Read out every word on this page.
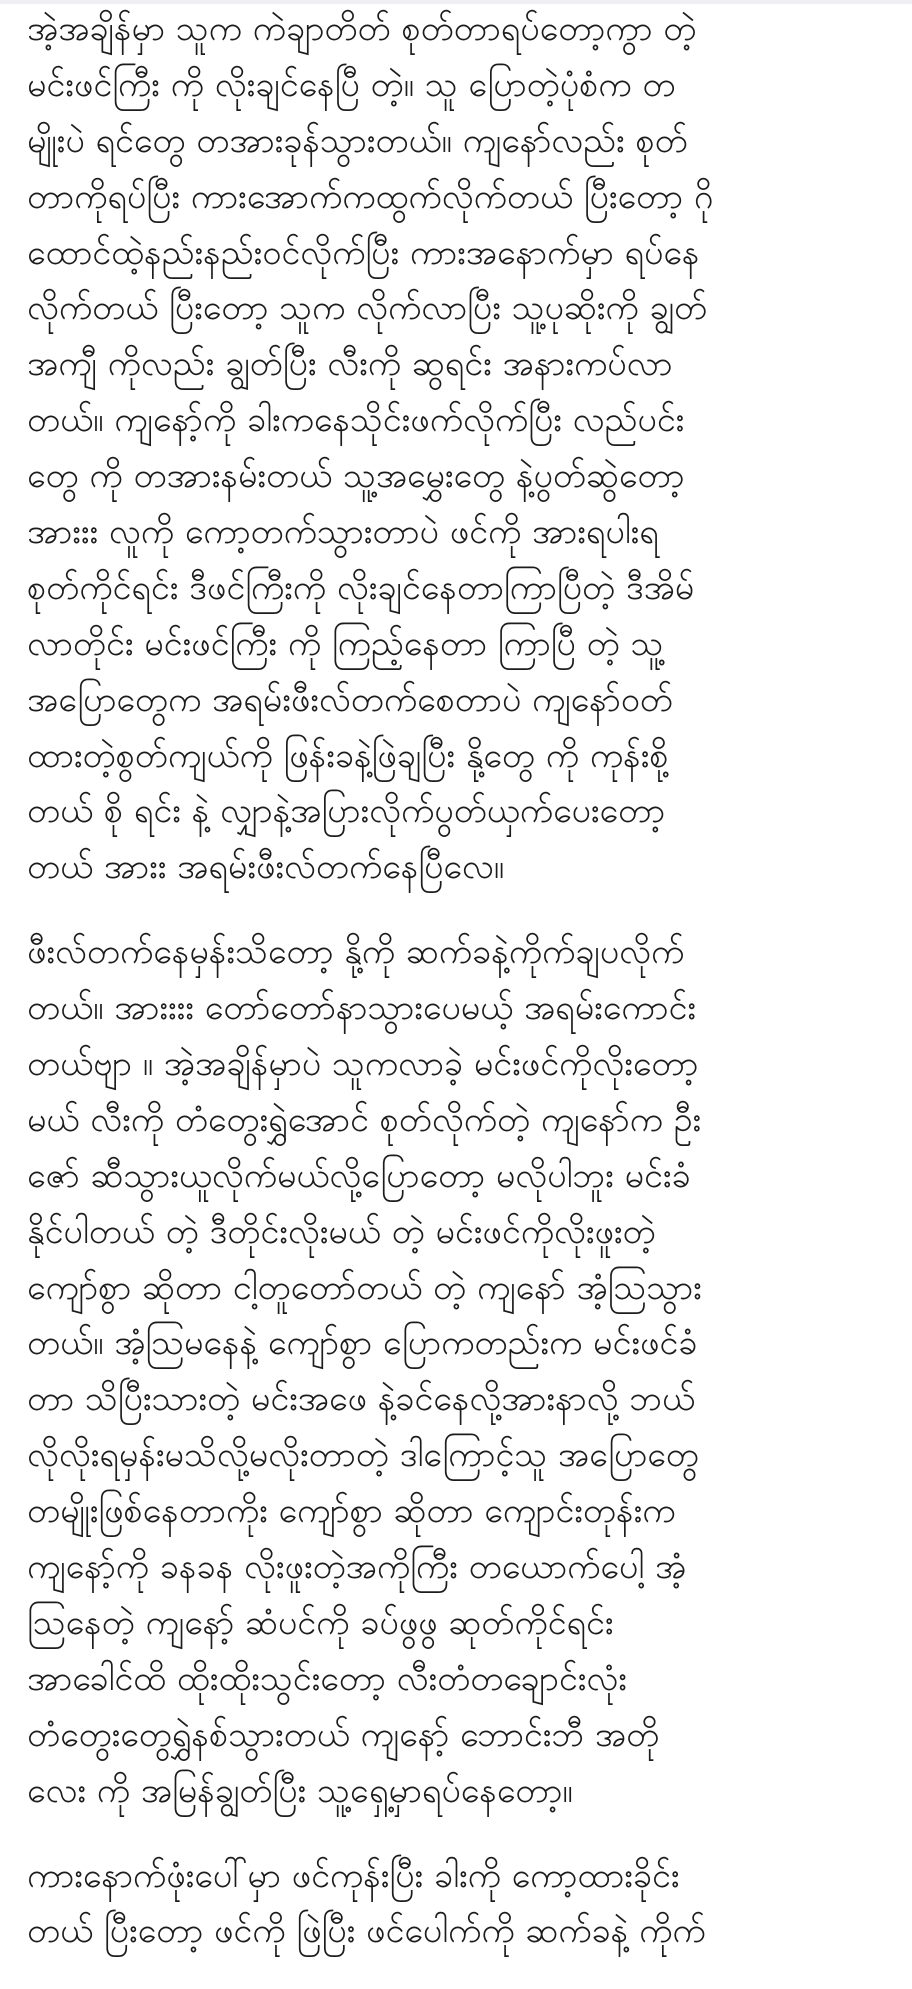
အဲ့အချိန်မှာ သူက ကဲချာတိတ် စုတ်တာရပ်တော့ကွာ တဲ့
မင်းဖင်ကြီး ကို လိုးချင်နေပြီ တဲ့။ သူ ပြောတဲ့ပုံစံက တ
မျိုးပဲ ရင်တွေ တအားခုန်သွားတယ်။ ကျနော်လည်း စုတ်
တာကိုရပ်ပြီး ကားအောက်ကထွက်လိုက်တယ် ပြီးတော့ ဂို
ထောင်ထဲ့နည်းနည်းဝင်လိုက်ပြီး ကားအနောက်မှာ ရပ်နေ
လိုက်တယ် ပြီးတော့ သူက လိုက်လာပြီး သူ့ပုဆိုးကို ချွတ်
အကျီ ကိုလည်း ချွတ်ပြီး လီးကို ဆွရင်း အနားကပ်လာ
တယ်။ ကျနော့်ကို ခါးကနေသိုင်းဖက်လိုက်ပြီး လည်ပင်း
တွေ ကို တအားနမ်းတယ် သူ့အမွှေးတွေ နဲ့ပွတ်ဆွဲတော့
အားးး လူကို ကော့တက်သွားတာပဲ ဖင်ကို အားရပါးရ
စုတ်ကိုင်ရင်း ဒီဖင်ကြီးကို လိုးချင်နေတာကြာပြီတဲ့ ဒီအိမ်
လာတိုင်း မင်းဖင်ကြီး ကို ကြည့်နေတာ ကြာပြီ တဲ့ သူ့
အပြောတွေက အရမ်းဖီးလ်တက်စေတာပဲ ကျနော်ဝတ်
ထားတဲ့စွတ်ကျယ်ကို ဖြန်းခနဲ့ဖြဲချပြီး နို့တွေ ကို ကုန်းစို့
တယ် စို ရင်း နဲ့ လျှာနဲ့အပြားလိုက်ပွတ်ယှက်ပေးတော့
တယ် အားး အရမ်းဖီးလ်တက်နေပြီလေ။
ဖီးလ်တက်နေမှန်းသိတော့ နို့ကို ဆက်ခနဲ့ကိုက်ချပလိုက်
တယ်။ အားးးး တော်တော်နာသွားပေမယ့် အရမ်းကောင်း
တယ်ဗျာ ။ အဲ့အချိန်မှာပဲ သူကလာခဲ့ မင်းဖင်ကိုလိုးတော့
မယ် လီးကို တံတွေးရွှဲအောင် စုတ်လိုက်တဲ့ ကျနော်က ဦး
ဇော် ဆီသွားယူလိုက်မယ်လို့ပြောတော့ မလိုပါဘူး မင်းခံ
နိုင်ပါတယ် တဲ့ ဒီတိုင်းလိုးမယ် တဲ့ မင်းဖင်ကိုလိုးဖူးတဲ့
ကျော်စွာ ဆိုတာ ငါ့တူတော်တယ် တဲ့ ကျနော် အံ့သြသွား
တယ်။ အံ့သြမနေနဲ့ ကျော်စွာ ပြောကတည်းက မင်းဖင်ခံ
တာ သိပြီးသားတဲ့ မင်းအဖေ နဲ့ခင်နေလို့အားနာလို့ ဘယ်
လိုလိုးရမှန်းမသိလို့မလိုးတာတဲ့ ဒါကြောင့်သူ အပြောတွေ
တမျိုးဖြစ်နေတာကိုး ကျော်စွာ ဆိုတာ ကျောင်းတုန်းက
ကျနော့်ကို ခနခန လိုးဖူးတဲ့အကိုကြီး တယောက်ပေါ့ အံ့
သြနေတဲ့ ကျနော့် ဆံပင်ကို ခပ်ဖွဖွ ဆုတ်ကိုင်ရင်း
အာခေါင်ထိ ထိုးထိုးသွင်းတော့ လီးတံတချောင်းလုံး
တံတွေးတွေရွှဲနစ်သွားတယ် ကျနော့် ဘောင်းဘီ အတို
လေး ကို အမြန်ချွတ်ပြီး သူ့ရှေ့မှာရပ်နေတော့။
ကားနောက်ဖုံးပေါ်မှာ ဖင်ကုန်းပြီး ခါးကို ကော့ထားခိုင်း
တယ် ပြီးတော့ ဖင်ကို ဖြဲပြီး ဖင်ပေါက်ကို ဆက်ခနဲ့ ကိုက်
